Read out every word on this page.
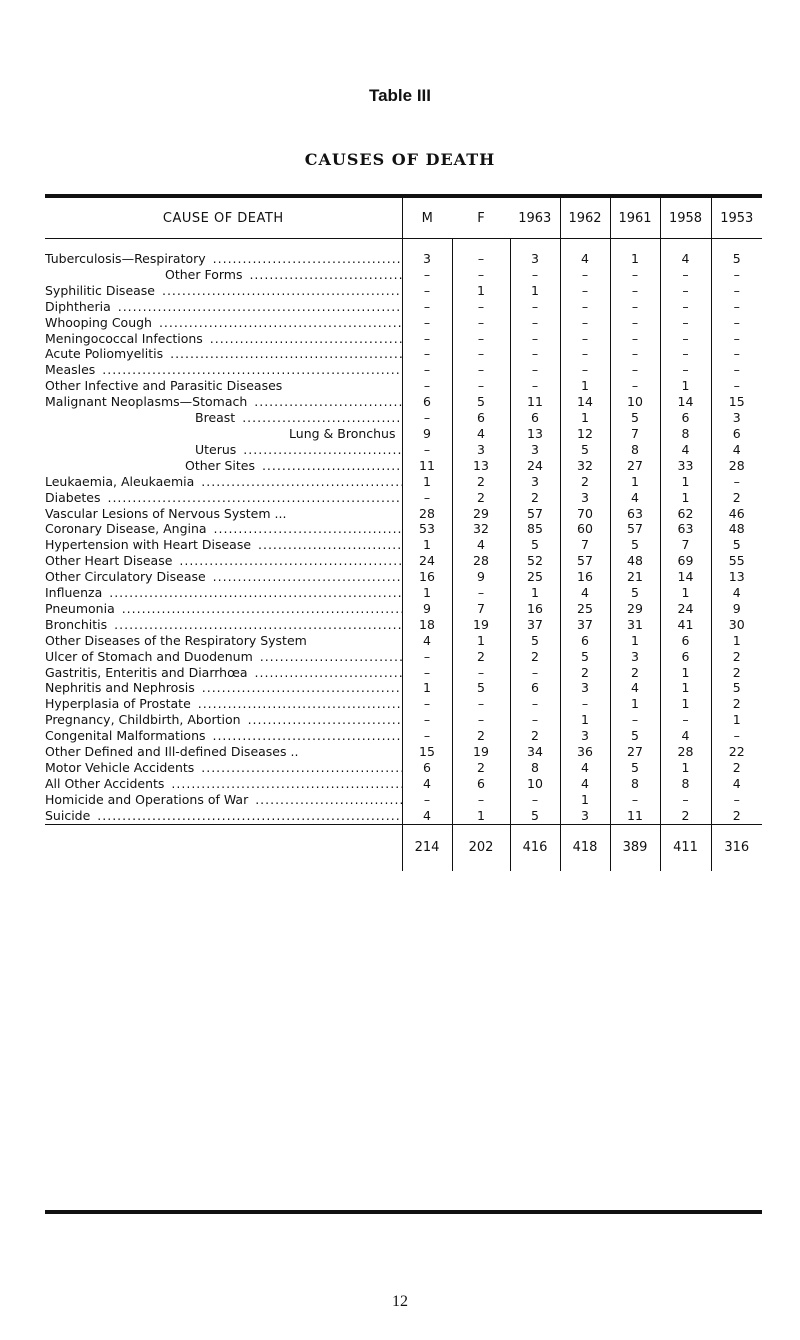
Table III
CAUSES OF DEATH
CAUSE OF DEATH	M	F	1963	1962	1961	1958	1953
Tuberculosis—Respiratory .....	3	–	3	4	1	4	5
Other Forms .....	–	–	–	–	–	–	–
Syphilitic Disease .....	–	1	1	–	–	–	–
Diphtheria .....	–	–	–	–	–	–	–
Whooping Cough .....	–	–	–	–	–	–	–
Meningococcal Infections .....	–	–	–	–	–	–	–
Acute Poliomyelitis .....	–	–	–	–	–	–	–
Measles .....	–	–	–	–	–	–	–
Other Infective and Parasitic Diseases	–	–	–	1	–	1	–
Malignant Neoplasms—Stomach .....	6	5	11	14	10	14	15
Breast .....	–	6	6	1	5	6	3
Lung & Bronchus	9	4	13	12	7	8	6
Uterus .....	–	3	3	5	8	4	4
Other Sites .....	11	13	24	32	27	33	28
Leukaemia, Aleukaemia .....	1	2	3	2	1	1	–
Diabetes .....	–	2	2	3	4	1	2
Vascular Lesions of Nervous System ...	28	29	57	70	63	62	46
Coronary Disease, Angina .....	53	32	85	60	57	63	48
Hypertension with Heart Disease .....	1	4	5	7	5	7	5
Other Heart Disease .....	24	28	52	57	48	69	55
Other Circulatory Disease .....	16	9	25	16	21	14	13
Influenza .....	1	–	1	4	5	1	4
Pneumonia .....	9	7	16	25	29	24	9
Bronchitis .....	18	19	37	37	31	41	30
Other Diseases of the Respiratory System	4	1	5	6	1	6	1
Ulcer of Stomach and Duodenum .....	–	2	2	5	3	6	2
Gastritis, Enteritis and Diarrhœa .....	–	–	–	2	2	1	2
Nephritis and Nephrosis .....	1	5	6	3	4	1	5
Hyperplasia of Prostate .....	–	–	–	–	1	1	2
Pregnancy, Childbirth, Abortion .....	–	–	–	1	–	–	1
Congenital Malformations .....	–	2	2	3	5	4	–
Other Defined and Ill-defined Diseases ..	15	19	34	36	27	28	22
Motor Vehicle Accidents .....	6	2	8	4	5	1	2
All Other Accidents .....	4	6	10	4	8	8	4
Homicide and Operations of War .....	–	–	–	1	–	–	–
Suicide .....	4	1	5	3	11	2	2
	214	202	416	418	389	411	316
12
